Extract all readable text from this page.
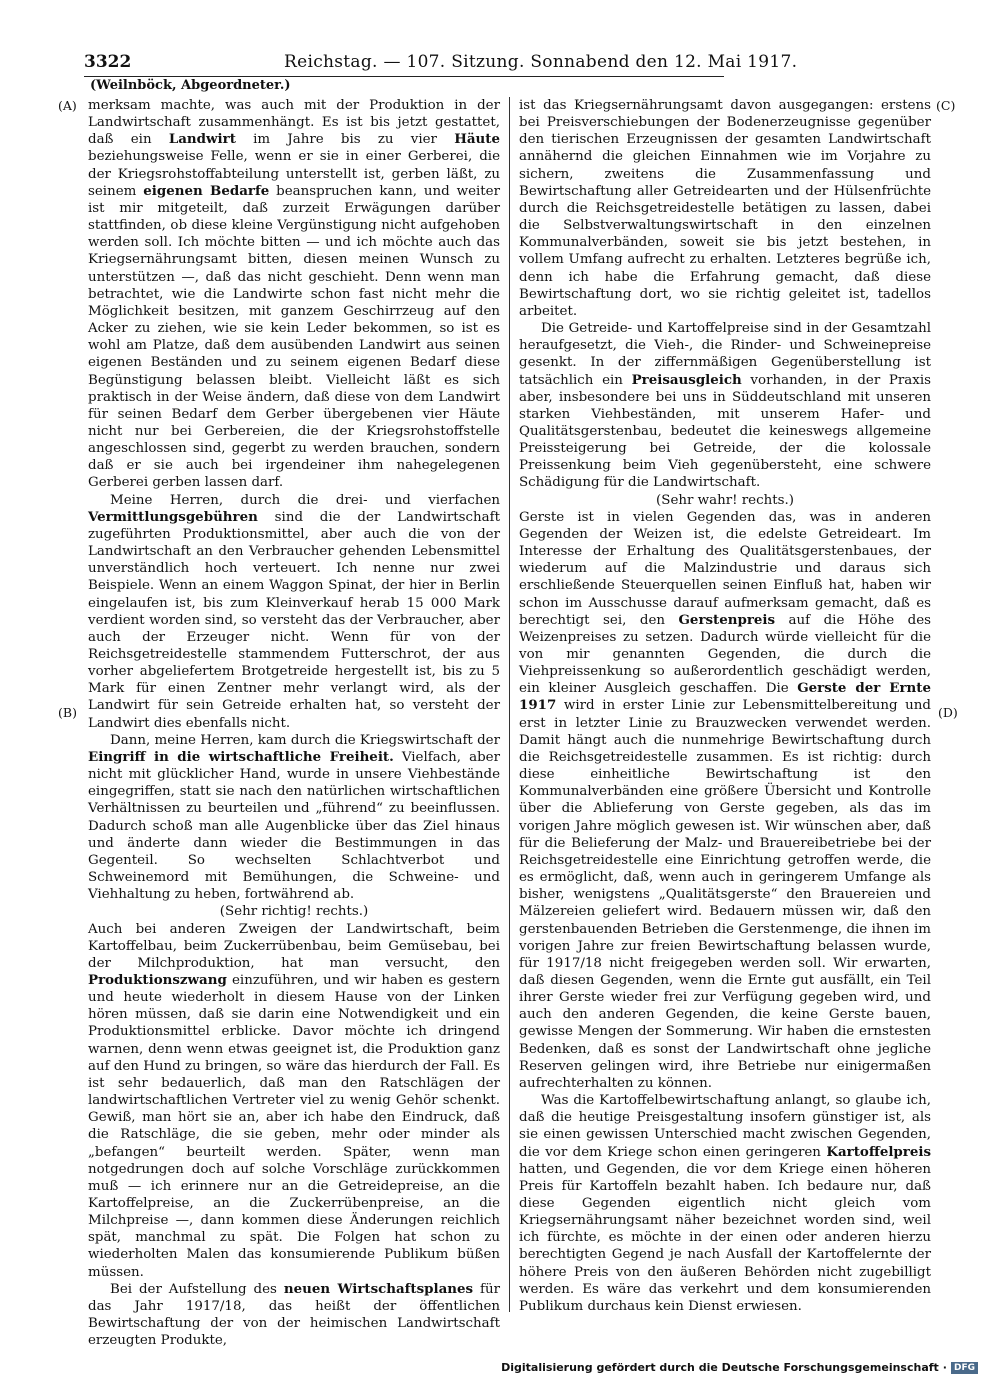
3322	Reichstag. — 107. Sitzung. Sonnabend den 12. Mai 1917.
(Weilnböck, Abgeordneter.)
(A)
(B)
(C)
(D)

merksam machte, was auch mit der Produktion in der Landwirtschaft zusammenhängt. Es ist bis jetzt gestattet, daß ein Landwirt im Jahre bis zu vier Häute beziehungsweise Felle, wenn er sie in einer Gerberei, die der Kriegsrohstoffabteilung unterstellt ist, gerben läßt, zu seinem eigenen Bedarfe beanspruchen kann, und weiter ist mir mitgeteilt, daß zurzeit Erwägungen darüber stattfinden, ob diese kleine Vergünstigung nicht aufgehoben werden soll. Ich möchte bitten — und ich möchte auch das Kriegsernährungsamt bitten, diesen meinen Wunsch zu unterstützen —, daß das nicht geschieht. Denn wenn man betrachtet, wie die Landwirte schon fast nicht mehr die Möglichkeit besitzen, mit ganzem Geschirrzeug auf den Acker zu ziehen, wie sie kein Leder bekommen, so ist es wohl am Platze, daß dem ausübenden Landwirt aus seinen eigenen Beständen und zu seinem eigenen Bedarf diese Begünstigung belassen bleibt. Vielleicht läßt es sich praktisch in der Weise ändern, daß diese von dem Landwirt für seinen Bedarf dem Gerber übergebenen vier Häute nicht nur bei Gerbereien, die der Kriegsrohstoffstelle angeschlossen sind, gegerbt zu werden brauchen, sondern daß er sie auch bei irgendeiner ihm nahegelegenen Gerberei gerben lassen darf.

Meine Herren, durch die drei- und vierfachen Vermittlungsgebühren sind die der Landwirtschaft zugeführten Produktionsmittel, aber auch die von der Landwirtschaft an den Verbraucher gehenden Lebensmittel unverständlich hoch verteuert. Ich nenne nur zwei Beispiele. Wenn an einem Waggon Spinat, der hier in Berlin eingelaufen ist, bis zum Kleinverkauf herab 15 000 Mark verdient worden sind, so versteht das der Verbraucher, aber auch der Erzeuger nicht. Wenn für von der Reichsgetreidestelle stammendem Futterschrot, der aus vorher abgeliefertem Brotgetreide hergestellt ist, bis zu 5 Mark für einen Zentner mehr verlangt wird, als der Landwirt für sein Getreide erhalten hat, so versteht der Landwirt dies ebenfalls nicht.

Dann, meine Herren, kam durch die Kriegswirtschaft der Eingriff in die wirtschaftliche Freiheit. Vielfach, aber nicht mit glücklicher Hand, wurde in unsere Viehbestände eingegriffen, statt sie nach den natürlichen wirtschaftlichen Verhältnissen zu beurteilen und „führend“ zu beeinflussen. Dadurch schoß man alle Augenblicke über das Ziel hinaus und änderte dann wieder die Bestimmungen in das Gegenteil. So wechselten Schlachtverbot und Schweinemord mit Bemühungen, die Schweine- und Viehhaltung zu heben, fortwährend ab.

(Sehr richtig! rechts.)

Auch bei anderen Zweigen der Landwirtschaft, beim Kartoffelbau, beim Zuckerrübenbau, beim Gemüsebau, bei der Milchproduktion, hat man versucht, den Produktionszwang einzuführen, und wir haben es gestern und heute wiederholt in diesem Hause von der Linken hören müssen, daß sie darin eine Notwendigkeit und ein Produktionsmittel erblicke. Davor möchte ich dringend warnen, denn wenn etwas geeignet ist, die Produktion ganz auf den Hund zu bringen, so wäre das hierdurch der Fall. Es ist sehr bedauerlich, daß man den Ratschlägen der landwirtschaftlichen Vertreter viel zu wenig Gehör schenkt. Gewiß, man hört sie an, aber ich habe den Eindruck, daß die Ratschläge, die sie geben, mehr oder minder als „befangen“ beurteilt werden. Später, wenn man notgedrungen doch auf solche Vorschläge zurückkommen muß — ich erinnere nur an die Getreidepreise, an die Kartoffelpreise, an die Zuckerrübenpreise, an die Milchpreise —, dann kommen diese Änderungen reichlich spät, manchmal zu spät. Die Folgen hat schon zu wiederholten Malen das konsumierende Publikum büßen müssen.

Bei der Aufstellung des neuen Wirtschaftsplanes für das Jahr 1917/18, das heißt der öffentlichen Bewirtschaftung der von der heimischen Landwirtschaft erzeugten Produkte,

ist das Kriegsernährungsamt davon ausgegangen: erstens bei Preisverschiebungen der Bodenerzeugnisse gegenüber den tierischen Erzeugnissen der gesamten Landwirtschaft annähernd die gleichen Einnahmen wie im Vorjahre zu sichern, zweitens die Zusammenfassung und Bewirtschaftung aller Getreidearten und der Hülsenfrüchte durch die Reichsgetreidestelle betätigen zu lassen, dabei die Selbstverwaltungswirtschaft in den einzelnen Kommunalverbänden, soweit sie bis jetzt bestehen, in vollem Umfang aufrecht zu erhalten. Letzteres begrüße ich, denn ich habe die Erfahrung gemacht, daß diese Bewirtschaftung dort, wo sie richtig geleitet ist, tadellos arbeitet.

Die Getreide- und Kartoffelpreise sind in der Gesamtzahl heraufgesetzt, die Vieh-, die Rinder- und Schweinepreise gesenkt. In der ziffernmäßigen Gegenüberstellung ist tatsächlich ein Preisausgleich vorhanden, in der Praxis aber, insbesondere bei uns in Süddeutschland mit unseren starken Viehbeständen, mit unserem Hafer- und Qualitätsgerstenbau, bedeutet die keineswegs allgemeine Preissteigerung bei Getreide, der die kolossale Preissenkung beim Vieh gegenübersteht, eine schwere Schädigung für die Landwirtschaft.

(Sehr wahr! rechts.)

Gerste ist in vielen Gegenden das, was in anderen Gegenden der Weizen ist, die edelste Getreideart. Im Interesse der Erhaltung des Qualitätsgerstenbaues, der wiederum auf die Malzindustrie und daraus sich erschließende Steuerquellen seinen Einfluß hat, haben wir schon im Ausschusse darauf aufmerksam gemacht, daß es berechtigt sei, den Gerstenpreis auf die Höhe des Weizenpreises zu setzen. Dadurch würde vielleicht für die von mir genannten Gegenden, die durch die Viehpreissenkung so außerordentlich geschädigt werden, ein kleiner Ausgleich geschaffen. Die Gerste der Ernte 1917 wird in erster Linie zur Lebensmittelbereitung und erst in letzter Linie zu Brauzwecken verwendet werden. Damit hängt auch die nunmehrige Bewirtschaftung durch die Reichsgetreidestelle zusammen. Es ist richtig: durch diese einheitliche Bewirtschaftung ist den Kommunalverbänden eine größere Übersicht und Kontrolle über die Ablieferung von Gerste gegeben, als das im vorigen Jahre möglich gewesen ist. Wir wünschen aber, daß für die Belieferung der Malz- und Brauereibetriebe bei der Reichsgetreidestelle eine Einrichtung getroffen werde, die es ermöglicht, daß, wenn auch in geringerem Umfange als bisher, wenigstens „Qualitätsgerste“ den Brauereien und Mälzereien geliefert wird. Bedauern müssen wir, daß den gerstenbauenden Betrieben die Gerstenmenge, die ihnen im vorigen Jahre zur freien Bewirtschaftung belassen wurde, für 1917/18 nicht freigegeben werden soll. Wir erwarten, daß diesen Gegenden, wenn die Ernte gut ausfällt, ein Teil ihrer Gerste wieder frei zur Verfügung gegeben wird, und auch den anderen Gegenden, die keine Gerste bauen, gewisse Mengen der Sommerung. Wir haben die ernstesten Bedenken, daß es sonst der Landwirtschaft ohne jegliche Reserven gelingen wird, ihre Betriebe nur einigermaßen aufrechterhalten zu können.

Was die Kartoffelbewirtschaftung anlangt, so glaube ich, daß die heutige Preisgestaltung insofern günstiger ist, als sie einen gewissen Unterschied macht zwischen Gegenden, die vor dem Kriege schon einen geringeren Kartoffelpreis hatten, und Gegenden, die vor dem Kriege einen höheren Preis für Kartoffeln bezahlt haben. Ich bedaure nur, daß diese Gegenden eigentlich nicht gleich vom Kriegsernährungsamt näher bezeichnet worden sind, weil ich fürchte, es möchte in der einen oder anderen hierzu berechtigten Gegend je nach Ausfall der Kartoffelernte der höhere Preis von den äußeren Behörden nicht zugebilligt werden. Es wäre das verkehrt und dem konsumierenden Publikum durchaus kein Dienst erwiesen.

Digitalisierung gefördert durch die Deutsche Forschungsgemeinschaft · DFG
